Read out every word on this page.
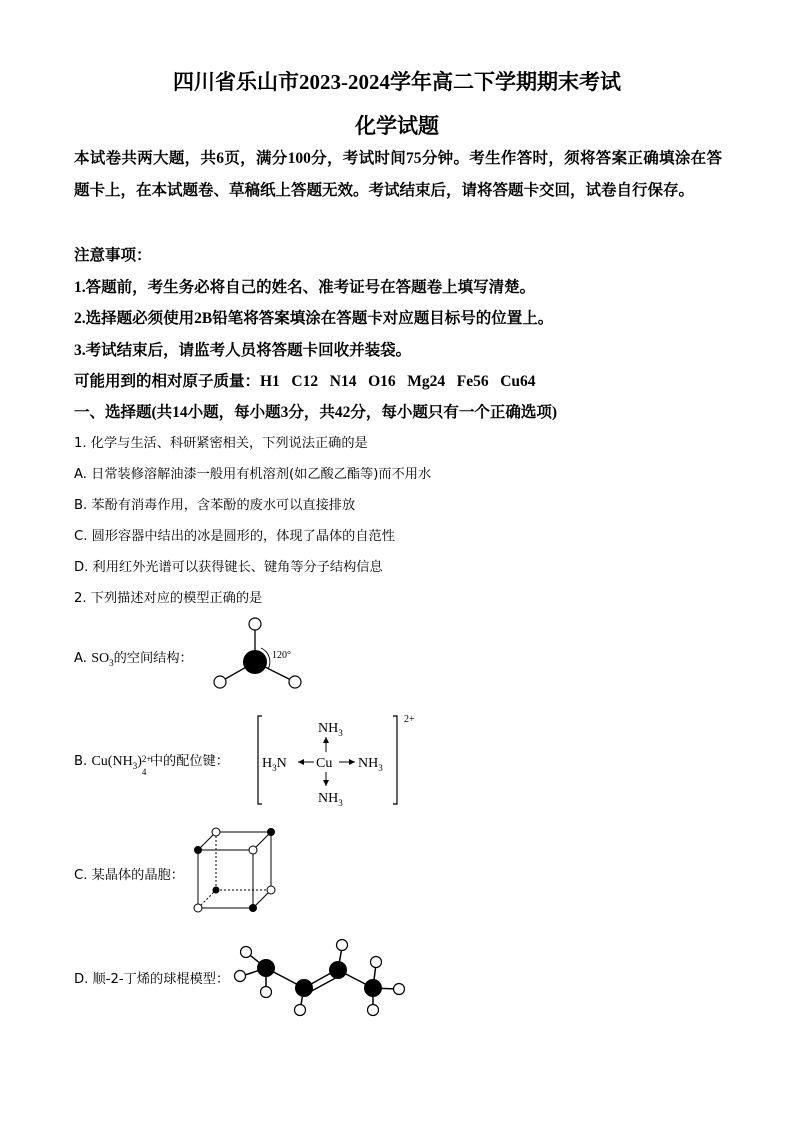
四川省乐山市2023-2024学年高二下学期期末考试
化学试题
本试卷共两大题，共6页，满分100分，考试时间75分钟。考生作答时，须将答案正确填涂在答题卡上，在本试题卷、草稿纸上答题无效。考试结束后，请将答题卡交回，试卷自行保存。
注意事项：
1.答题前，考生务必将自己的姓名、准考证号在答题卷上填写清楚。
2.选择题必须使用2B铅笔将答案填涂在答题卡对应题目标号的位置上。
3.考试结束后，请监考人员将答题卡回收并装袋。
可能用到的相对原子质量：H1   C12   N14   O16   Mg24   Fe56   Cu64
一、选择题(共14小题，每小题3分，共42分，每小题只有一个正确选项)
1. 化学与生活、科研紧密相关，下列说法正确的是
A. 日常装修溶解油漆一般用有机溶剂(如乙酸乙酯等)而不用水
B. 苯酚有消毒作用，含苯酚的废水可以直接排放
C. 圆形容器中结出的冰是圆形的，体现了晶体的自范性
D. 利用红外光谱可以获得键长、键角等分子结构信息
2. 下列描述对应的模型正确的是
A. $SO_3$的空间结构：	120°
B. $Cu(NH_3)$ 2+
4
中的配位键：
2+
$NH_3$
Cu
$H_3N$	$NH_3$
$NH_3$
C. 某晶体的晶胞：
D. 顺-2-丁烯的球棍模型：
